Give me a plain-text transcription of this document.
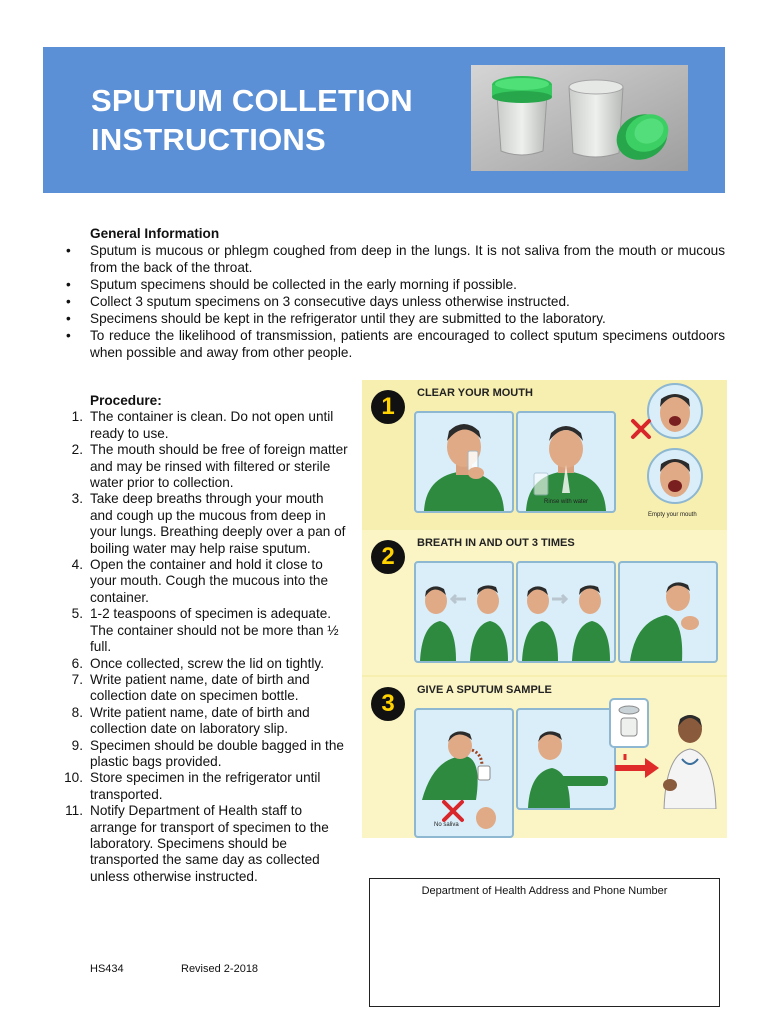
SPUTUM COLLETION
INSTRUCTIONS
General Information
• Sputum is mucous or phlegm coughed from deep in the lungs. It is not saliva from the mouth or mucous from the back of the throat.
• Sputum specimens should be collected in the early morning if possible.
• Collect 3 sputum specimens on 3 consecutive days unless otherwise instructed.
• Specimens should be kept in the refrigerator until they are submitted to the laboratory.
• To reduce the likelihood of transmission, patients are encouraged to collect sputum specimens outdoors when possible and away from other people.
Procedure:
1. The container is clean. Do not open until ready to use.
2. The mouth should be free of foreign matter and may be rinsed with filtered or sterile water prior to collection.
3. Take deep breaths through your mouth and cough up the mucous from deep in your lungs. Breathing deeply over a pan of boiling water may help raise sputum.
4. Open the container and hold it close to your mouth. Cough the mucous into the container.
5. 1-2 teaspoons of specimen is adequate. The container should not be more than ½ full.
6. Once collected, screw the lid on tightly.
7. Write patient name, date of birth and collection date on specimen bottle.
8. Write patient name, date of birth and collection date on laboratory slip.
9. Specimen should be double bagged in the plastic bags provided.
10. Store specimen in the refrigerator until transported.
11. Notify Department of Health staff to arrange for transport of specimen to the laboratory. Specimens should be transported the same day as collected unless otherwise instructed.
1	CLEAR YOUR MOUTH
Rinse with water
Empty your mouth
2	BREATH IN AND OUT 3 TIMES
3	GIVE A SPUTUM SAMPLE
No saliva
Department of Health Address and Phone Number
HS434	Revised 2-2018
